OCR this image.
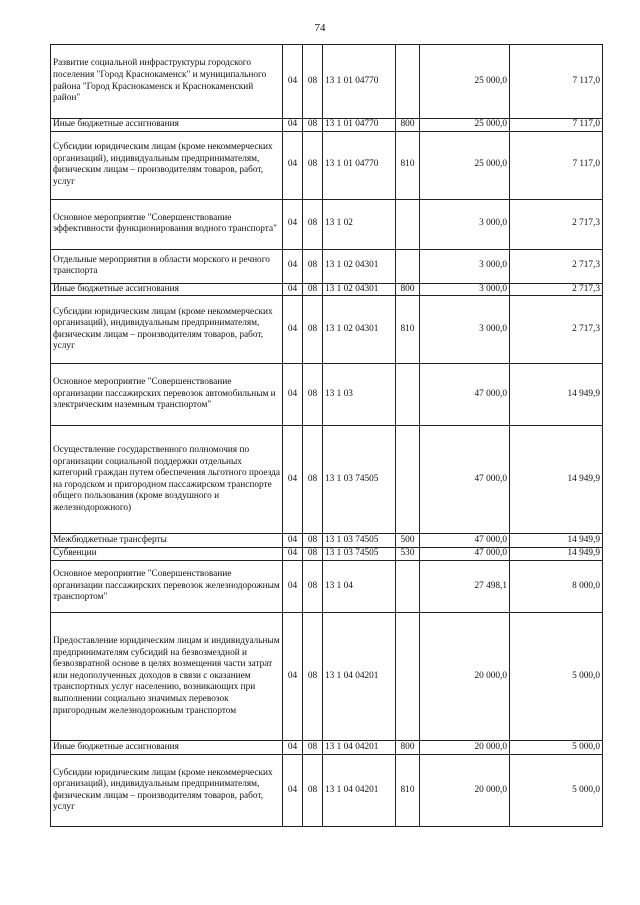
74
Развитие социальной инфраструктуры городского поселения "Город Краснокаменск" и муниципального района "Город Краснокаменск и Краснокаменский район"	04	08	13 1 01 04770		25 000,0	7 117,0
Иные бюджетные ассигнования	04	08	13 1 01 04770	800	25 000,0	7 117,0
Субсидии юридическим лицам (кроме некоммерческих организаций), индивидуальным предпринимателям, физическим лицам – производителям товаров, работ, услуг	04	08	13 1 01 04770	810	25 000,0	7 117,0
Основное мероприятие "Совершенствование эффективности функционирования водного транспорта"	04	08	13 1 02		3 000,0	2 717,3
Отдельные мероприятия в области морского и речного транспорта	04	08	13 1 02 04301		3 000,0	2 717,3
Иные бюджетные ассигнования	04	08	13 1 02 04301	800	3 000,0	2 717,3
Субсидии юридическим лицам (кроме некоммерческих организаций), индивидуальным предпринимателям, физическим лицам – производителям товаров, работ, услуг	04	08	13 1 02 04301	810	3 000,0	2 717,3
Основное мероприятие "Совершенствование организации пассажирских перевозок автомобильным и электрическим наземным транспортом"	04	08	13 1 03		47 000,0	14 949,9
Осуществление государственного полномочия по организации социальной поддержки отдельных категорий граждан путем обеспечения льготного проезда на городском и пригородном пассажирском транспорте общего пользования (кроме воздушного и железнодорожного)	04	08	13 1 03 74505		47 000,0	14 949,9
Межбюджетные трансферты	04	08	13 1 03 74505	500	47 000,0	14 949,9
Субвенции	04	08	13 1 03 74505	530	47 000,0	14 949,9
Основное мероприятие "Совершенствование организации пассажирских перевозок железнодорожным транспортом"	04	08	13 1 04		27 498,1	8 000,0
Предоставление юридическим лицам и индивидуальным предпринимателям субсидий на безвозмездной и безвозвратной основе в целях возмещения части затрат или недополученных доходов в связи с оказанием транспортных услуг населению, возникающих при выполнении социально значимых перевозок пригородным железнодорожным транспортом	04	08	13 1 04 04201		20 000,0	5 000,0
Иные бюджетные ассигнования	04	08	13 1 04 04201	800	20 000,0	5 000,0
Субсидии юридическим лицам (кроме некоммерческих организаций), индивидуальным предпринимателям, физическим лицам – производителям товаров, работ, услуг	04	08	13 1 04 04201	810	20 000,0	5 000,0
